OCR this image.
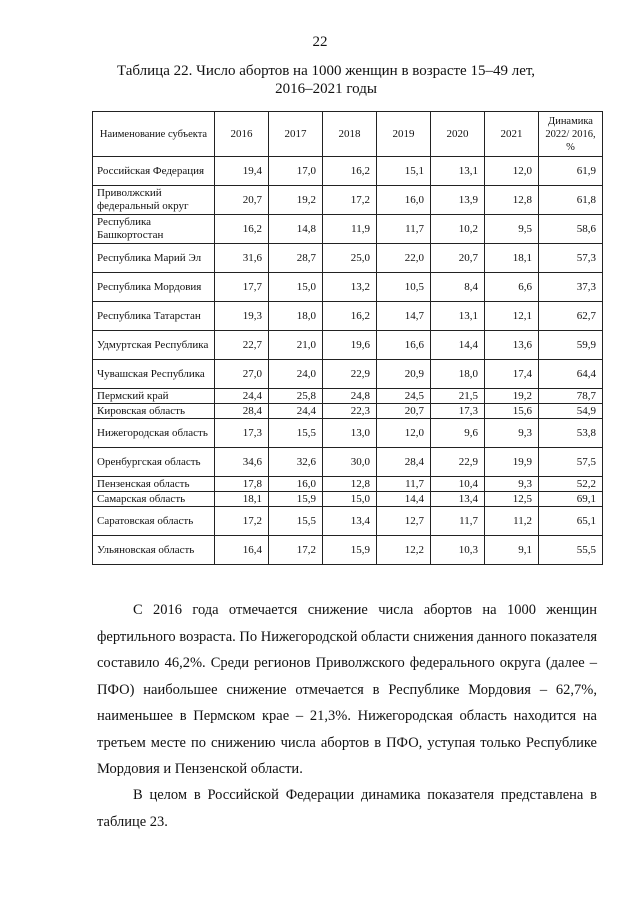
22
Таблица 22. Число абортов на 1000 женщин в возрасте 15–49 лет,
2016–2021 годы
Наименование субъекта	2016	2017	2018	2019	2020	2021	Динамика 2022/ 2016, %
Российская Федерация	19,4	17,0	16,2	15,1	13,1	12,0	61,9
Приволжский федеральный округ	20,7	19,2	17,2	16,0	13,9	12,8	61,8
Республика Башкортостан	16,2	14,8	11,9	11,7	10,2	9,5	58,6
Республика Марий Эл	31,6	28,7	25,0	22,0	20,7	18,1	57,3
Республика Мордовия	17,7	15,0	13,2	10,5	8,4	6,6	37,3
Республика Татарстан	19,3	18,0	16,2	14,7	13,1	12,1	62,7
Удмуртская Республика	22,7	21,0	19,6	16,6	14,4	13,6	59,9
Чувашская Республика	27,0	24,0	22,9	20,9	18,0	17,4	64,4
Пермский край	24,4	25,8	24,8	24,5	21,5	19,2	78,7
Кировская область	28,4	24,4	22,3	20,7	17,3	15,6	54,9
Нижегородская область	17,3	15,5	13,0	12,0	9,6	9,3	53,8
Оренбургская область	34,6	32,6	30,0	28,4	22,9	19,9	57,5
Пензенская область	17,8	16,0	12,8	11,7	10,4	9,3	52,2
Самарская область	18,1	15,9	15,0	14,4	13,4	12,5	69,1
Саратовская область	17,2	15,5	13,4	12,7	11,7	11,2	65,1
Ульяновская область	16,4	17,2	15,9	12,2	10,3	9,1	55,5

С 2016 года отмечается снижение числа абортов на 1000 женщин фертильного возраста. По Нижегородской области снижения данного показателя составило 46,2%. Среди регионов Приволжского федерального округа (далее – ПФО) наибольшее снижение отмечается в Республике Мордовия – 62,7%, наименьшее в Пермском крае – 21,3%. Нижегородская область находится на третьем месте по снижению числа абортов в ПФО, уступая только Республике Мордовия и Пензенской области.

В целом в Российской Федерации динамика показателя представлена в таблице 23.
